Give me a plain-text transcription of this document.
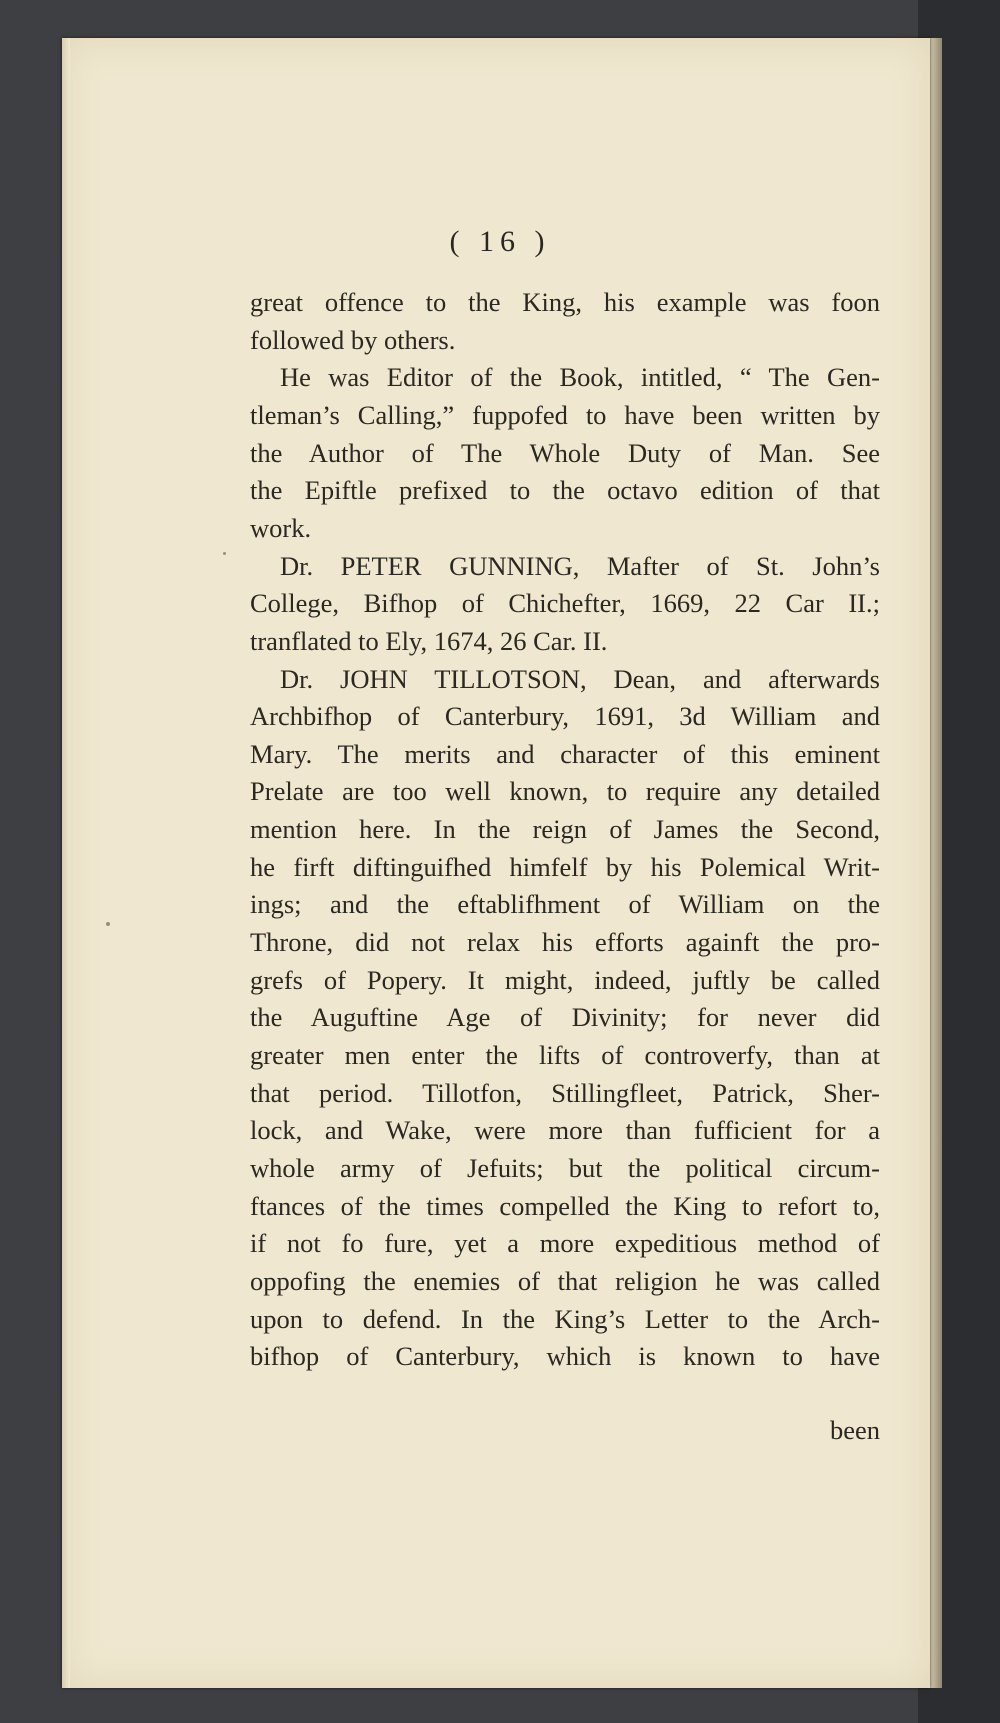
( 16 )
great offence to the King, his example was foon
followed by others.
He was Editor of the Book, intitled, “ The Gen-
tleman’s Calling,” fuppofed to have been written by
the Author of The Whole Duty of Man. See
the Epiftle prefixed to the octavo edition of that
work.
Dr. PETER GUNNING, Mafter of St. John’s
College, Bifhop of Chichefter, 1669, 22 Car II.;
tranflated to Ely, 1674, 26 Car. II.
Dr. JOHN TILLOTSON, Dean, and afterwards
Archbifhop of Canterbury, 1691, 3d William and
Mary. The merits and character of this eminent
Prelate are too well known, to require any detailed
mention here. In the reign of James the Second,
he firft diftinguifhed himfelf by his Polemical Writ-
ings; and the eftablifhment of William on the
Throne, did not relax his efforts againft the pro-
grefs of Popery. It might, indeed, juftly be called
the Auguftine Age of Divinity; for never did
greater men enter the lifts of controverfy, than at
that period. Tillotfon, Stillingfleet, Patrick, Sher-
lock, and Wake, were more than fufficient for a
whole army of Jefuits; but the political circum-
ftances of the times compelled the King to refort to,
if not fo fure, yet a more expeditious method of
oppofing the enemies of that religion he was called
upon to defend. In the King’s Letter to the Arch-
bifhop of Canterbury, which is known to have
been
